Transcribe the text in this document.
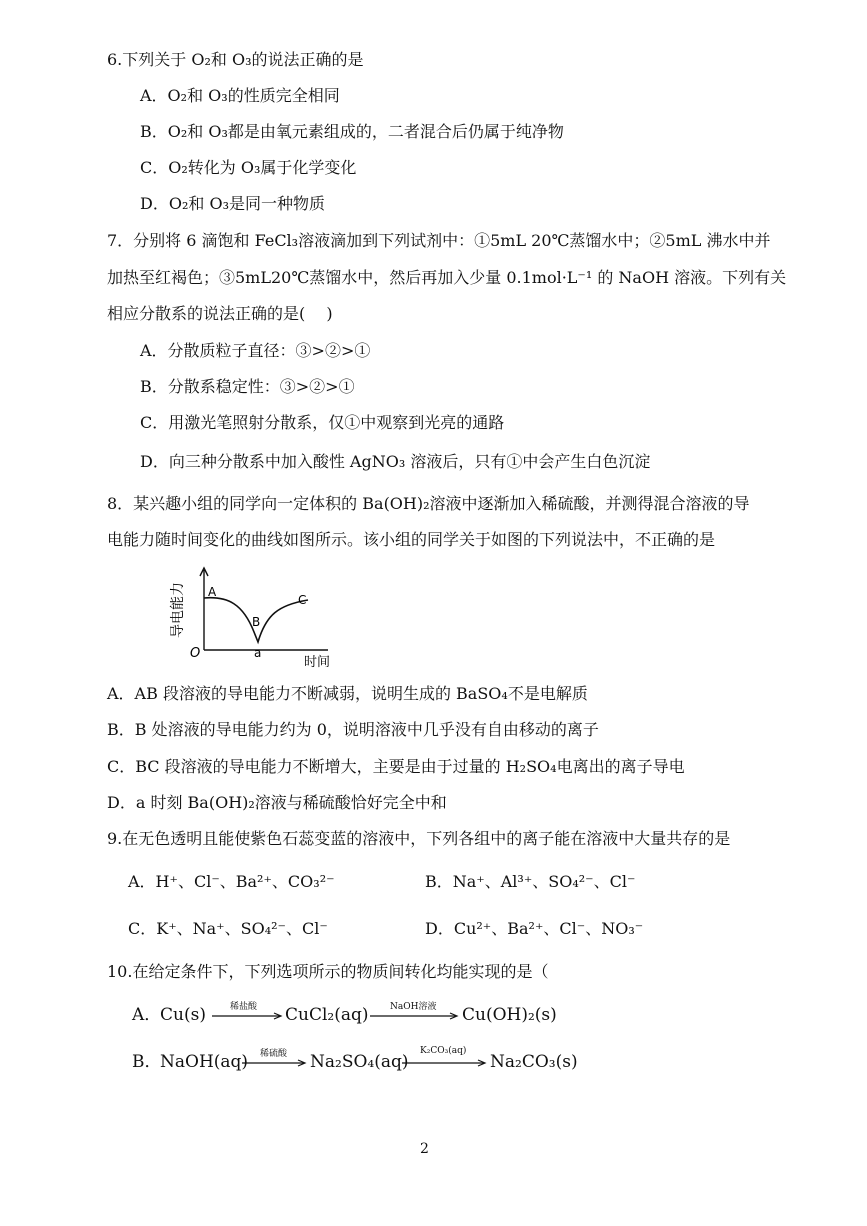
6.下列关于 O₂和 O₃的说法正确的是
A．O₂和 O₃的性质完全相同
B．O₂和 O₃都是由氧元素组成的，二者混合后仍属于纯净物
C．O₂转化为 O₃属于化学变化
D．O₂和 O₃是同一种物质
7．分别将 6 滴饱和 FeCl₃溶液滴加到下列试剂中：①5mL 20℃蒸馏水中；②5mL 沸水中并
加热至红褐色；③5mL20℃蒸馏水中，然后再加入少量 0.1mol·L⁻¹ 的 NaOH 溶液。下列有关
相应分散系的说法正确的是(　 )
A．分散质粒子直径：③>②>①
B．分散系稳定性：③>②>①
C．用激光笔照射分散系，仅①中观察到光亮的通路
D．向三种分散系中加入酸性 AgNO₃ 溶液后，只有①中会产生白色沉淀
8．某兴趣小组的同学向一定体积的 Ba(OH)₂溶液中逐渐加入稀硫酸，并测得混合溶液的导
电能力随时间变化的曲线如图所示。该小组的同学关于如图的下列说法中，不正确的是
导电能力 A
B
C
a
O
时间
A．AB 段溶液的导电能力不断减弱，说明生成的 BaSO₄不是电解质
B．B 处溶液的导电能力约为 0，说明溶液中几乎没有自由移动的离子
C．BC 段溶液的导电能力不断增大，主要是由于过量的 H₂SO₄电离出的离子导电
D．a 时刻 Ba(OH)₂溶液与稀硫酸恰好完全中和
9.在无色透明且能使紫色石蕊变蓝的溶液中，下列各组中的离子能在溶液中大量共存的是
A．H⁺、Cl⁻、Ba²⁺、CO₃²⁻	B．Na⁺、Al³⁺、SO₄²⁻、Cl⁻
C．K⁺、Na⁺、SO₄²⁻、Cl⁻	D．Cu²⁺、Ba²⁺、Cl⁻、NO₃⁻
10.在给定条件下，下列选项所示的物质间转化均能实现的是（
A．
Cu(s)	稀盐酸 CuCl₂(aq) NaOH溶液 Cu(OH)₂(s)
B．
NaOH(aq) 稀硫酸 Na₂SO₄(aq)
K₂CO₃(aq)
Na₂CO₃(s)
2
